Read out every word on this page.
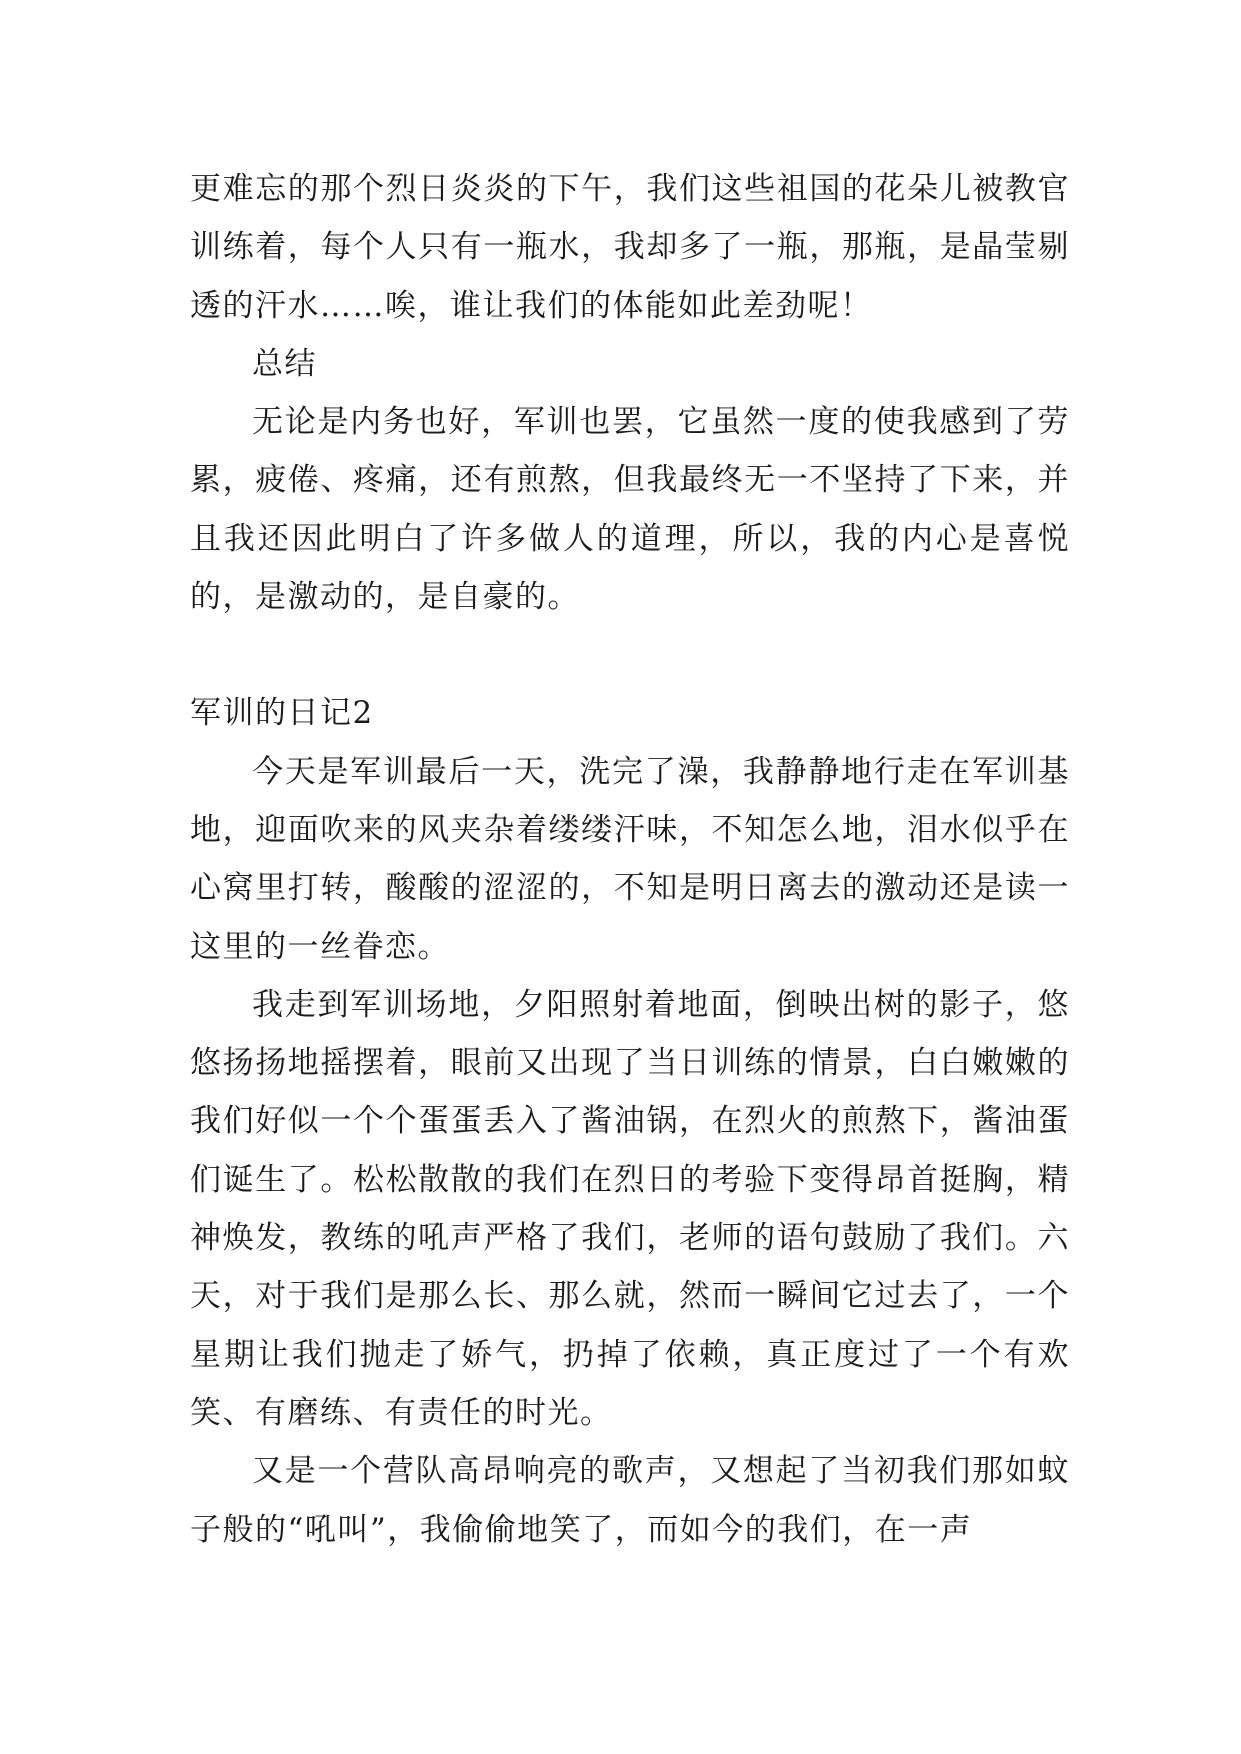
更难忘的那个烈日炎炎的下午，我们这些祖国的花朵儿被教官训练着，每个人只有一瓶水，我却多了一瓶，那瓶，是晶莹剔透的汗水……唉，谁让我们的体能如此差劲呢！

总结

无论是内务也好，军训也罢，它虽然一度的使我感到了劳累，疲倦、疼痛，还有煎熬，但我最终无一不坚持了下来，并且我还因此明白了许多做人的道理，所以，我的内心是喜悦的，是激动的，是自豪的。

军训的日记2

今天是军训最后一天，洗完了澡，我静静地行走在军训基地，迎面吹来的风夹杂着缕缕汗味，不知怎么地，泪水似乎在心窝里打转，酸酸的涩涩的，不知是明日离去的激动还是读一这里的一丝眷恋。

我走到军训场地，夕阳照射着地面，倒映出树的影子，悠悠扬扬地摇摆着，眼前又出现了当日训练的情景，白白嫩嫩的我们好似一个个蛋蛋丢入了酱油锅，在烈火的煎熬下，酱油蛋们诞生了。松松散散的我们在烈日的考验下变得昂首挺胸，精神焕发，教练的吼声严格了我们，老师的语句鼓励了我们。六天，对于我们是那么长、那么就，然而一瞬间它过去了，一个星期让我们抛走了娇气，扔掉了依赖，真正度过了一个有欢笑、有磨练、有责任的时光。

又是一个营队高昂响亮的歌声，又想起了当初我们那如蚊子般的“吼叫”，我偷偷地笑了，而如今的我们，在一声
